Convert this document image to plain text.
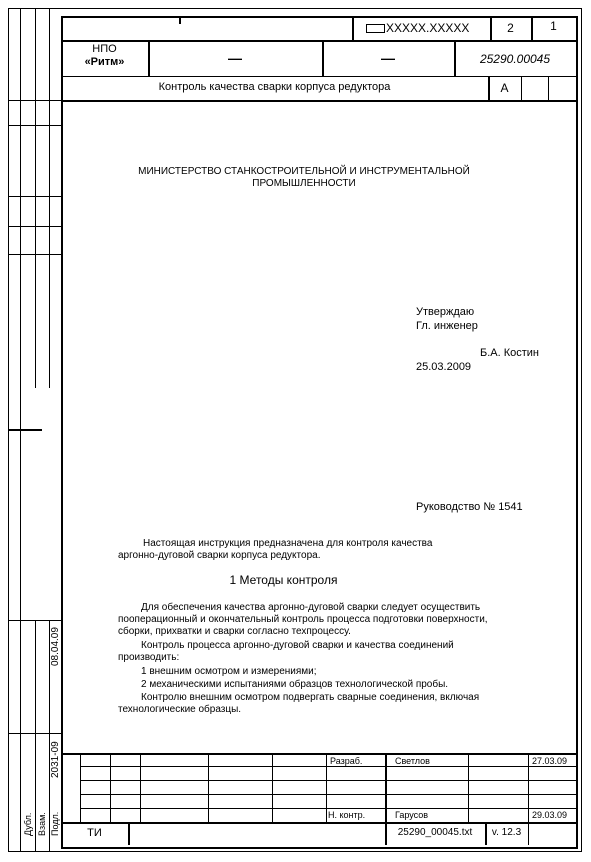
XXXXX.XXXXX	2	1
НПО
«Ритм»	—	—	25290.00045
Контроль качества сварки корпуса редуктора	А
МИНИСТЕРСТВО СТАНКОСТРОИТЕЛЬНОЙ И ИНСТРУМЕНТАЛЬНОЙ
ПРОМЫШЛЕННОСТИ
Утверждаю
Гл. инженер
Б.А. Костин
25.03.2009
Руководство № 1541
Настоящая инструкция предназначена для контроля качества
аргонно-дуговой сварки корпуса редуктора.
1 Методы контроля
Для обеспечения качества аргонно-дуговой сварки следует осуществить
пооперационный и окончательный контроль процесса подготовки поверхности,
сборки, прихватки и сварки согласно техпроцессу.
Контроль процесса аргонно-дуговой сварки и качества соединений
производить:
1 внешним осмотром и измерениями;
2 механическими испытаниями образцов технологической пробы.
Контролю внешним осмотром подвергать сварные соединения, включая
технологические образцы.
08.04.09
2031-09
Дубл. Взам. Подл.
Разраб.	Светлов	27.03.09
Н. контр.	Гарусов	29.03.09
ТИ	25290_00045.txt	v. 12.3
